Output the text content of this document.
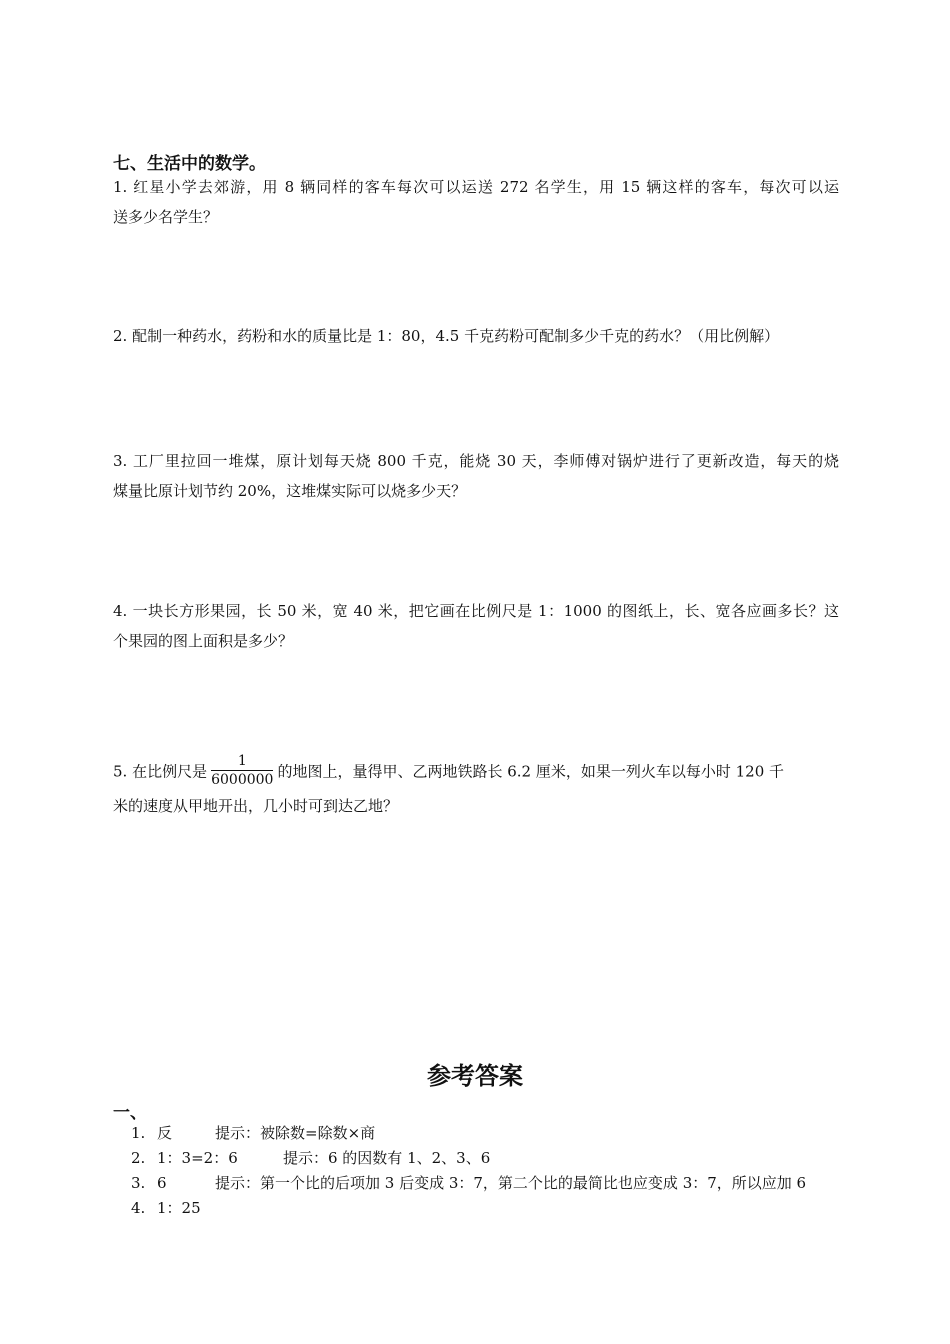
七、生活中的数学。
1. 红星小学去郊游，用 8 辆同样的客车每次可以运送 272 名学生，用 15 辆这样的客车，每次可以运
送多少名学生？
2. 配制一种药水，药粉和水的质量比是 1：80，4.5 千克药粉可配制多少千克的药水？（用比例解）
3. 工厂里拉回一堆煤，原计划每天烧 800 千克，能烧 30 天，李师傅对锅炉进行了更新改造，每天的烧
煤量比原计划节约 20%，这堆煤实际可以烧多少天？
4. 一块长方形果园，长 50 米，宽 40 米，把它画在比例尺是 1：1000 的图纸上，长、宽各应画多长？这
个果园的图上面积是多少？
5. 在比例尺是 $\frac{1}{6000000}$ 的地图上，量得甲、乙两地铁路长 6.2 厘米，如果一列火车以每小时 120 千
米的速度从甲地开出，几小时可到达乙地？
参考答案
一、
1. 反	提示：被除数=除数×商
2. 1：3=2：6	提示：6 的因数有 1、2、3、6
3. 6	提示：第一个比的后项加 3 后变成 3：7，第二个比的最简比也应变成 3：7，所以应加 6
4. 1：25
